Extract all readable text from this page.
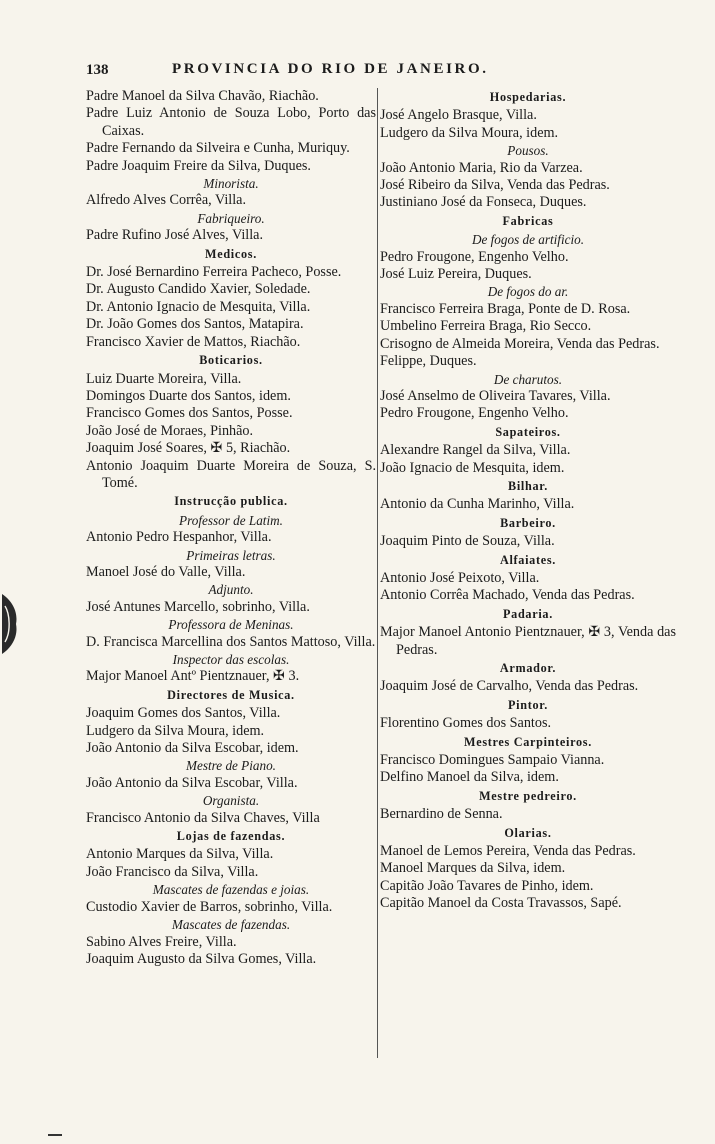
138	PROVINCIA DO RIO DE JANEIRO.
Padre Manoel da Silva Chavão, Riachão.
Padre Luiz Antonio de Souza Lobo, Porto das Caixas.
Padre Fernando da Silveira e Cunha, Muriquy.
Padre Joaquim Freire da Silva, Duques.
Minorista.
Alfredo Alves Corrêa, Villa.
Fabriqueiro.
Padre Rufino José Alves, Villa.
Medicos.
Dr. José Bernardino Ferreira Pacheco, Posse.
Dr. Augusto Candido Xavier, Soledade.
Dr. Antonio Ignacio de Mesquita, Villa.
Dr. João Gomes dos Santos, Matapira.
Francisco Xavier de Mattos, Riachão.
Boticarios.
Luiz Duarte Moreira, Villa.
Domingos Duarte dos Santos, idem.
Francisco Gomes dos Santos, Posse.
João José de Moraes, Pinhão.
Joaquim José Soares, ✠ 5, Riachão.
Antonio Joaquim Duarte Moreira de Souza, S. Tomé.
Instrucção publica.
Professor de Latim.
Antonio Pedro Hespanhor, Villa.
Primeiras letras.
Manoel José do Valle, Villa.
Adjunto.
José Antunes Marcello, sobrinho, Villa.
Professora de Meninas.
D. Francisca Marcellina dos Santos Mattoso, Villa.
Inspector das escolas.
Major Manoel Antº Pientznauer, ✠ 3.
Directores de Musica.
Joaquim Gomes dos Santos, Villa.
Ludgero da Silva Moura, idem.
João Antonio da Silva Escobar, idem.
Mestre de Piano.
João Antonio da Silva Escobar, Villa.
Organista.
Francisco Antonio da Silva Chaves, Villa
Lojas de fazendas.
Antonio Marques da Silva, Villa.
João Francisco da Silva, Villa.
Mascates de fazendas e joias.
Custodio Xavier de Barros, sobrinho, Villa.
Mascates de fazendas.
Sabino Alves Freire, Villa.
Joaquim Augusto da Silva Gomes, Villa.
Hospedarias.
José Angelo Brasque, Villa.
Ludgero da Silva Moura, idem.
Pousos.
João Antonio Maria, Rio da Varzea.
José Ribeiro da Silva, Venda das Pedras.
Justiniano José da Fonseca, Duques.
Fabricas
De fogos de artificio.
Pedro Frougone, Engenho Velho.
José Luiz Pereira, Duques.
De fogos do ar.
Francisco Ferreira Braga, Ponte de D. Rosa.
Umbelino Ferreira Braga, Rio Secco.
Crisogno de Almeida Moreira, Venda das Pedras.
Felippe, Duques.
De charutos.
José Anselmo de Oliveira Tavares, Villa.
Pedro Frougone, Engenho Velho.
Sapateiros.
Alexandre Rangel da Silva, Villa.
João Ignacio de Mesquita, idem.
Bilhar.
Antonio da Cunha Marinho, Villa.
Barbeiro.
Joaquim Pinto de Souza, Villa.
Alfaiates.
Antonio José Peixoto, Villa.
Antonio Corrêa Machado, Venda das Pedras.
Padaria.
Major Manoel Antonio Pientznauer, ✠ 3, Venda das Pedras.
Armador.
Joaquim José de Carvalho, Venda das Pedras.
Pintor.
Florentino Gomes dos Santos.
Mestres Carpinteiros.
Francisco Domingues Sampaio Vianna.
Delfino Manoel da Silva, idem.
Mestre pedreiro.
Bernardino de Senna.
Olarias.
Manoel de Lemos Pereira, Venda das Pedras.
Manoel Marques da Silva, idem.
Capitão João Tavares de Pinho, idem.
Capitão Manoel da Costa Travassos, Sapé.
